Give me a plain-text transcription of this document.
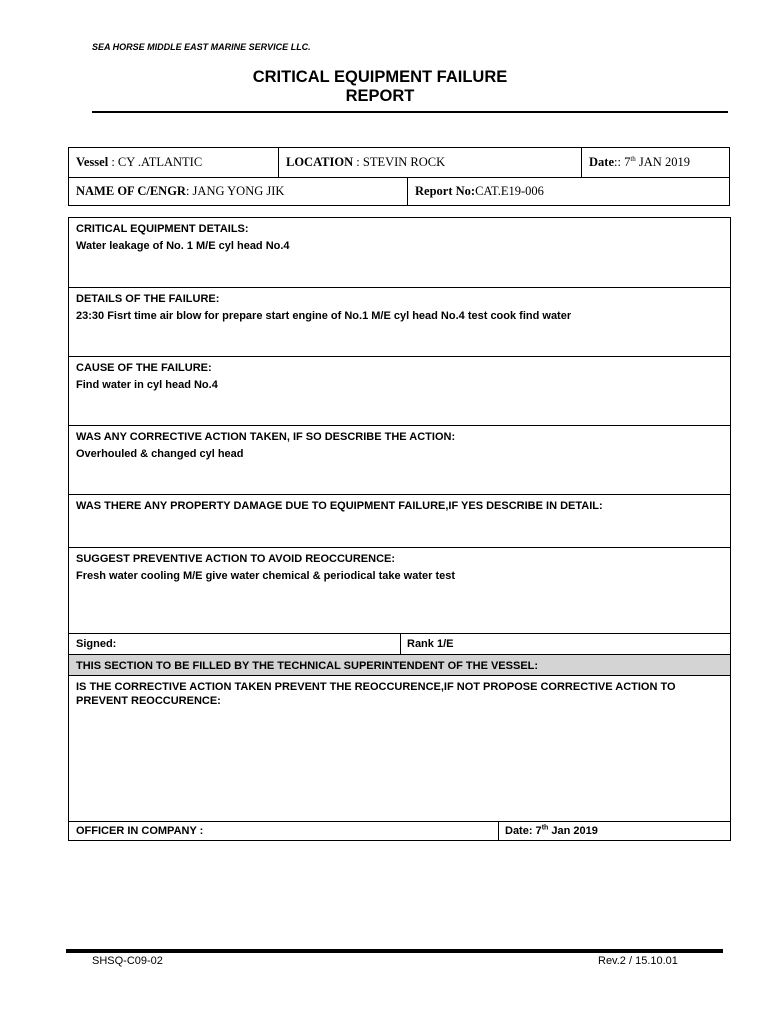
SEA HORSE MIDDLE EAST MARINE SERVICE LLC.
CRITICAL EQUIPMENT FAILURE
REPORT
Vessel : CY .ATLANTIC	LOCATION : STEVIN ROCK	Date:: 7th JAN 2019
NAME OF C/ENGR: JANG YONG JIK	Report No:CAT.E19-006
CRITICAL EQUIPMENT DETAILS:
Water leakage of No. 1 M/E cyl head No.4
DETAILS OF THE FAILURE:
23:30 Fisrt time air blow for prepare start engine of No.1 M/E cyl head No.4 test cook find water
CAUSE OF THE FAILURE:
Find water in cyl head No.4
WAS ANY CORRECTIVE ACTION TAKEN, IF SO DESCRIBE THE ACTION:
Overhouled & changed cyl head
WAS THERE ANY PROPERTY DAMAGE DUE TO EQUIPMENT FAILURE,IF YES DESCRIBE IN DETAIL:
SUGGEST PREVENTIVE ACTION TO AVOID REOCCURENCE:
Fresh water cooling M/E give water chemical & periodical take water test
Signed:	Rank 1/E
THIS SECTION TO BE FILLED BY THE TECHNICAL SUPERINTENDENT OF THE VESSEL:
IS THE CORRECTIVE ACTION TAKEN PREVENT THE REOCCURENCE,IF NOT PROPOSE CORRECTIVE ACTION TO PREVENT REOCCURENCE:
OFFICER IN COMPANY :	Date: 7th Jan 2019
SHSQ-C09-02	Rev.2 / 15.10.01
